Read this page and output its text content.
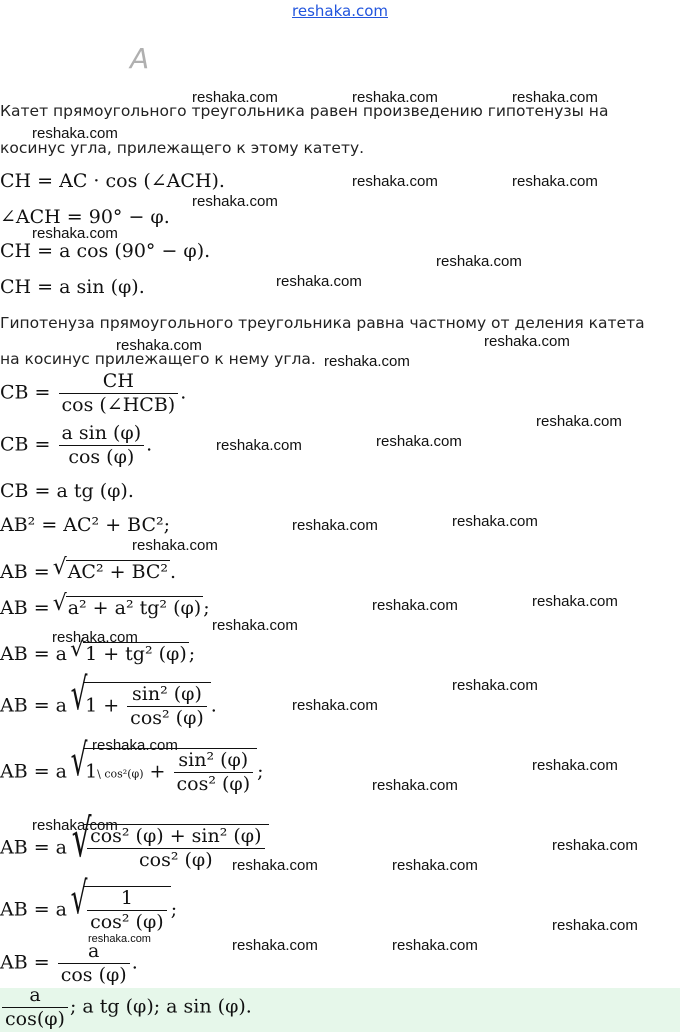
reshaka.com
A
Катет прямоугольного треугольника равен произведению гипотенузы на
косинус угла, прилежащего к этому катету.
CH = AC · cos (∠ACH).
∠ACH = 90° − φ.
CH = a cos (90° − φ).
CH = a sin (φ).
Гипотенуза прямоугольного треугольника равна частному от деления катета
на косинус прилежащего к нему угла.
CB = $\frac{CH}{\text{cos (∠HCB)}}$ .
CB = $\frac{\text{a sin (φ)}}{\cos (\varphi)}$ .
CB = a tg (φ).
AB² = AC² + BC²;
AB = √ AC² + BC² .
AB = √ a² + a² tg² (φ) ;
AB = a √ 1 + tg² (φ) ;
AB = a √ $1 + \frac{\text{sin² (φ)}}{\text{cos² (φ)}}$ .
AB = a √ 1\ $\cos^2(\varphi) + \frac{\text{sin² (φ)}}{\text{cos² (φ)}}$ ;
AB = a √ $\frac{\text{cos² (φ) + sin² (φ)}}{\text{cos² (φ)}}$
AB = a √ $\frac{1}{\text{cos² (φ)}}$ ;
AB = $\frac{a}{\cos (\varphi)}$ .
$\frac{a}{\cos(\varphi)}$ ; a tg (φ); a sin (φ).
reshaka.com	reshaka.com	reshaka.com
reshaka.com
reshaka.com	reshaka.com
reshaka.com
reshaka.com
reshaka.com
reshaka.com
reshaka.com
reshaka.com
reshaka.com
reshaka.com
reshaka.com
reshaka.com
reshaka.com
reshaka.com
reshaka.com
reshaka.com
reshaka.com
reshaka.com
reshaka.com
reshaka.com
reshaka.com
reshaka.com
reshaka.com
reshaka.com
reshaka.com
reshaka.com
reshaka.com	reshaka.com
reshaka.com
reshaka.com	reshaka.com	reshaka.com
